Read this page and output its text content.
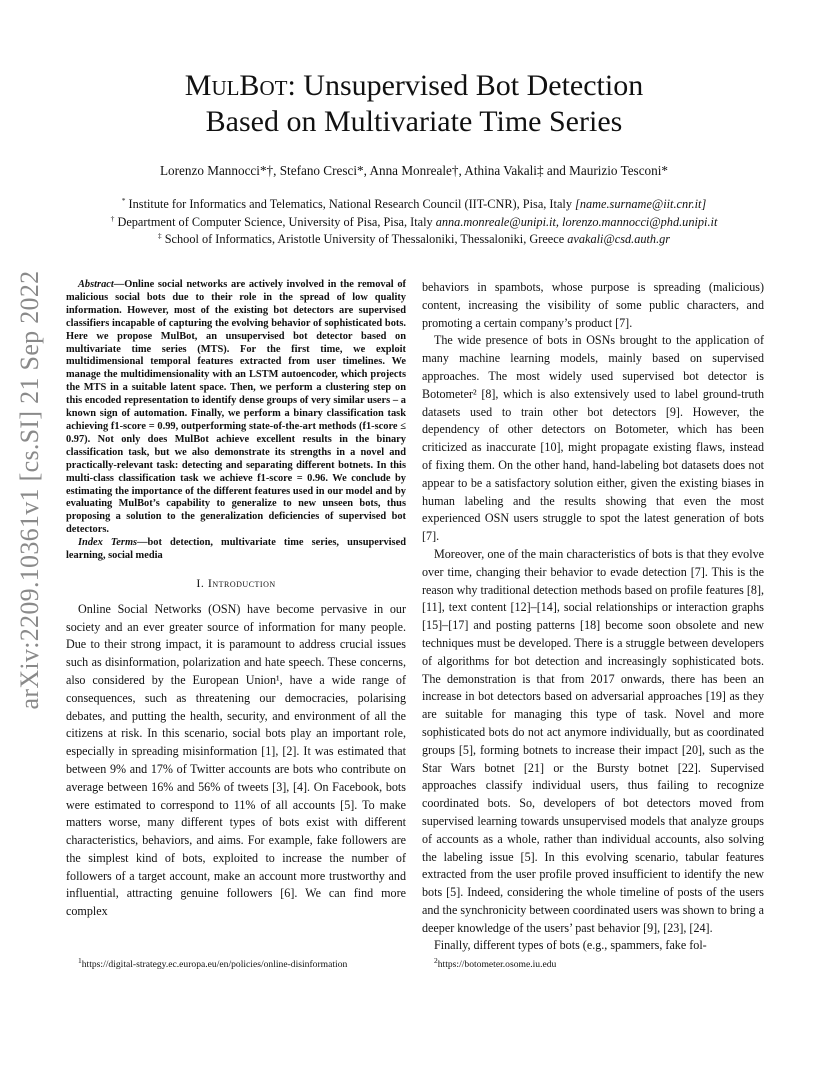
arXiv:2209.10361v1 [cs.SI] 21 Sep 2022
MulBot: Unsupervised Bot Detection
Based on Multivariate Time Series
Lorenzo Mannocci*†, Stefano Cresci*, Anna Monreale†, Athina Vakali‡ and Maurizio Tesconi*
* Institute for Informatics and Telematics, National Research Council (IIT-CNR), Pisa, Italy [name.surname@iit.cnr.it]
† Department of Computer Science, University of Pisa, Pisa, Italy anna.monreale@unipi.it, lorenzo.mannocci@phd.unipi.it
‡ School of Informatics, Aristotle University of Thessaloniki, Thessaloniki, Greece avakali@csd.auth.gr

Abstract—Online social networks are actively involved in the removal of malicious social bots due to their role in the spread of low quality information. However, most of the existing bot detectors are supervised classifiers incapable of capturing the evolving behavior of sophisticated bots. Here we propose MulBot, an unsupervised bot detector based on multivariate time series (MTS). For the first time, we exploit multidimensional temporal features extracted from user timelines. We manage the multidimensionality with an LSTM autoencoder, which projects the MTS in a suitable latent space. Then, we perform a clustering step on this encoded representation to identify dense groups of very similar users – a known sign of automation. Finally, we perform a binary classification task achieving f1-score = 0.99, outperforming state-of-the-art methods (f1-score ≤ 0.97). Not only does MulBot achieve excellent results in the binary classification task, but we also demonstrate its strengths in a novel and practically-relevant task: detecting and separating different botnets. In this multi-class classification task we achieve f1-score = 0.96. We conclude by estimating the importance of the different features used in our model and by evaluating MulBot’s capability to generalize to new unseen bots, thus proposing a solution to the generalization deficiencies of supervised bot detectors.

Index Terms—bot detection, multivariate time series, unsupervised learning, social media

I. Introduction

Online Social Networks (OSN) have become pervasive in our society and an ever greater source of information for many people. Due to their strong impact, it is paramount to address crucial issues such as disinformation, polarization and hate speech. These concerns, also considered by the European Union¹, have a wide range of consequences, such as threatening our democracies, polarising debates, and putting the health, security, and environment of all the citizens at risk. In this scenario, social bots play an important role, especially in spreading misinformation [1], [2]. It was estimated that between 9% and 17% of Twitter accounts are bots who contribute on average between 16% and 56% of tweets [3], [4]. On Facebook, bots were estimated to correspond to 11% of all accounts [5]. To make matters worse, many different types of bots exist with different characteristics, behaviors, and aims. For example, fake followers are the simplest kind of bots, exploited to increase the number of followers of a target account, make an account more trustworthy and influential, attracting genuine followers [6]. We can find more complex

behaviors in spambots, whose purpose is spreading (malicious) content, increasing the visibility of some public characters, and promoting a certain company’s product [7].

The wide presence of bots in OSNs brought to the application of many machine learning models, mainly based on supervised approaches. The most widely used supervised bot detector is Botometer² [8], which is also extensively used to label ground-truth datasets used to train other bot detectors [9]. However, the dependency of other detectors on Botometer, which has been criticized as inaccurate [10], might propagate existing flaws, instead of fixing them. On the other hand, hand-labeling bot datasets does not appear to be a satisfactory solution either, given the existing biases in human labeling and the results showing that even the most experienced OSN users struggle to spot the latest generation of bots [7].

Moreover, one of the main characteristics of bots is that they evolve over time, changing their behavior to evade detection [7]. This is the reason why traditional detection methods based on profile features [8], [11], text content [12]–[14], social relationships or interaction graphs [15]–[17] and posting patterns [18] become soon obsolete and new techniques must be developed. There is a struggle between developers of algorithms for bot detection and increasingly sophisticated bots. The demonstration is that from 2017 onwards, there has been an increase in bot detectors based on adversarial approaches [19] as they are suitable for managing this type of task. Novel and more sophisticated bots do not act anymore individually, but as coordinated groups [5], forming botnets to increase their impact [20], such as the Star Wars botnet [21] or the Bursty botnet [22]. Supervised approaches classify individual users, thus failing to recognize coordinated bots. So, developers of bot detectors moved from supervised learning towards unsupervised models that analyze groups of accounts as a whole, rather than individual accounts, also solving the labeling issue [5]. In this evolving scenario, tabular features extracted from the user profile proved insufficient to identify the new bots [5]. Indeed, considering the whole timeline of posts of the users and the synchronicity between coordinated users was shown to bring a deeper knowledge of the users’ past behavior [9], [23], [24].

Finally, different types of bots (e.g., spammers, fake fol-

$^1$https://digital-strategy.ec.europa.eu/en/policies/online-disinformation	$^2$https://botometer.osome.iu.edu
